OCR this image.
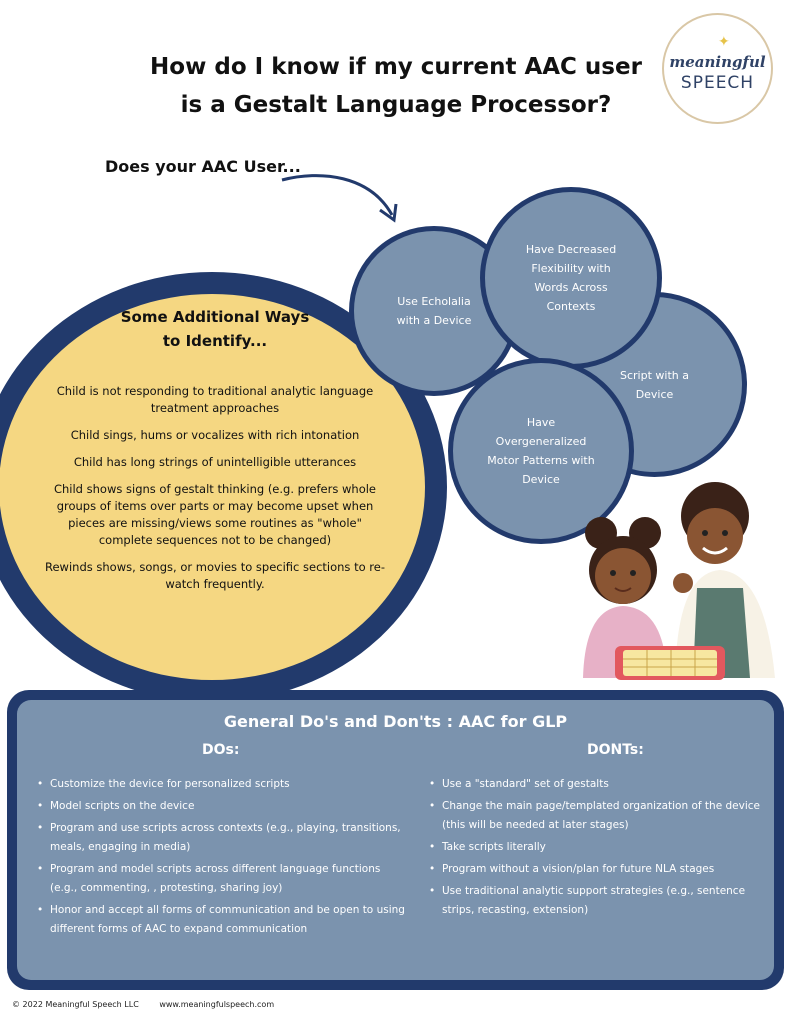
How do I know if my current AAC user
is a Gestalt Language Processor?
✦
meaningful
SPEECH
Does your AAC User...
Some Additional Ways
to Identify...

Child is not responding to traditional analytic language treatment approaches

Child sings, hums or vocalizes with rich intonation

Child has long strings of unintelligible utterances

Child shows signs of gestalt thinking (e.g. prefers whole groups of items over parts or may become upset when pieces are missing/views some routines as "whole" complete sequences not to be changed)

Rewinds shows, songs, or movies to specific sections to re-watch frequently.

Use Echolalia with a Device
Script with a Device
Have Decreased Flexibility with Words Across Contexts
Have Overgeneralized Motor Patterns with Device
General Do's and Don'ts : AAC for GLP
DOs:	DONTs:
• Customize the device for personalized scripts
• Model scripts on the device
• Program and use scripts across contexts (e.g., playing, transitions, meals, engaging in media)
• Program and model scripts across different language functions (e.g., commenting, , protesting, sharing joy)
• Honor and accept all forms of communication and be open to using different forms of AAC to expand communication
• Use a "standard" set of gestalts
• Change the main page/templated organization of the device (this will be needed at later stages)
• Take scripts literally
• Program without a vision/plan for future NLA stages
• Use traditional analytic support strategies (e.g., sentence strips, recasting, extension)
© 2022 Meaningful Speech LLC	www.meaningfulspeech.com
